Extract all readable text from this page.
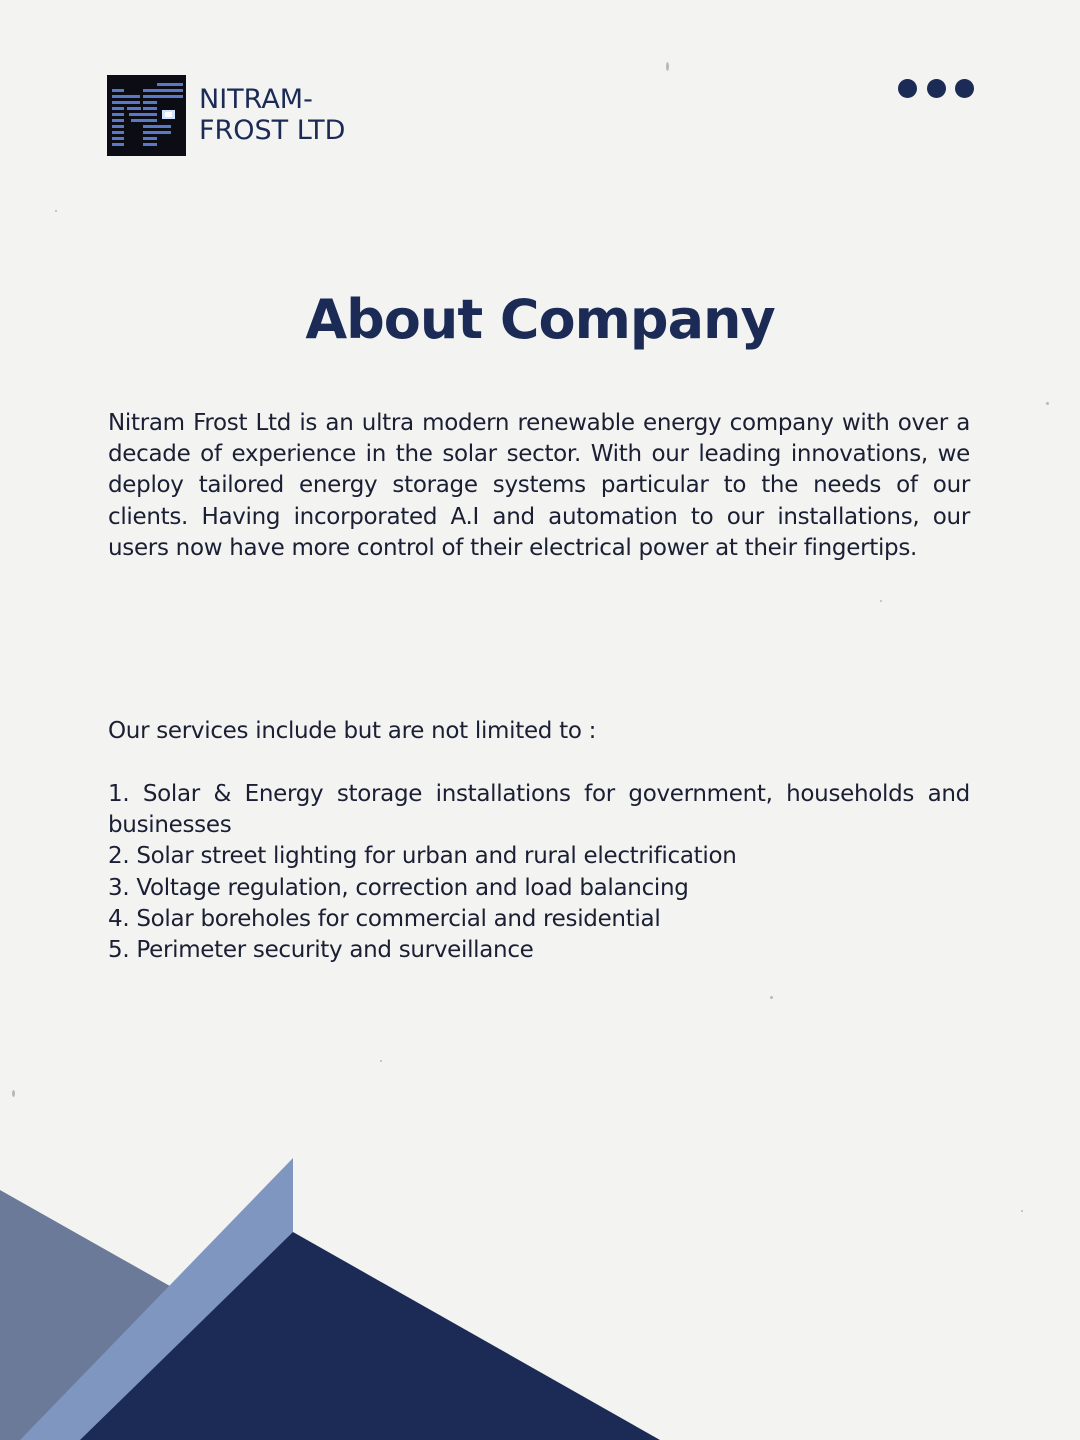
NITRAM-
FROST LTD
About Company

Nitram Frost Ltd is an ultra modern renewable energy company with over a decade of experience in the solar sector. With our leading innovations, we deploy tailored energy storage systems particular to the needs of our clients. Having incorporated A.I and automation to our installations, our users now have more control of their electrical power at their fingertips.

Our services include but are not limited to :

1. Solar & Energy storage installations for government, households and businesses
2. Solar street lighting for urban and rural electrification
3. Voltage regulation, correction and load balancing
4. Solar boreholes for commercial and residential
5. Perimeter security and surveillance
